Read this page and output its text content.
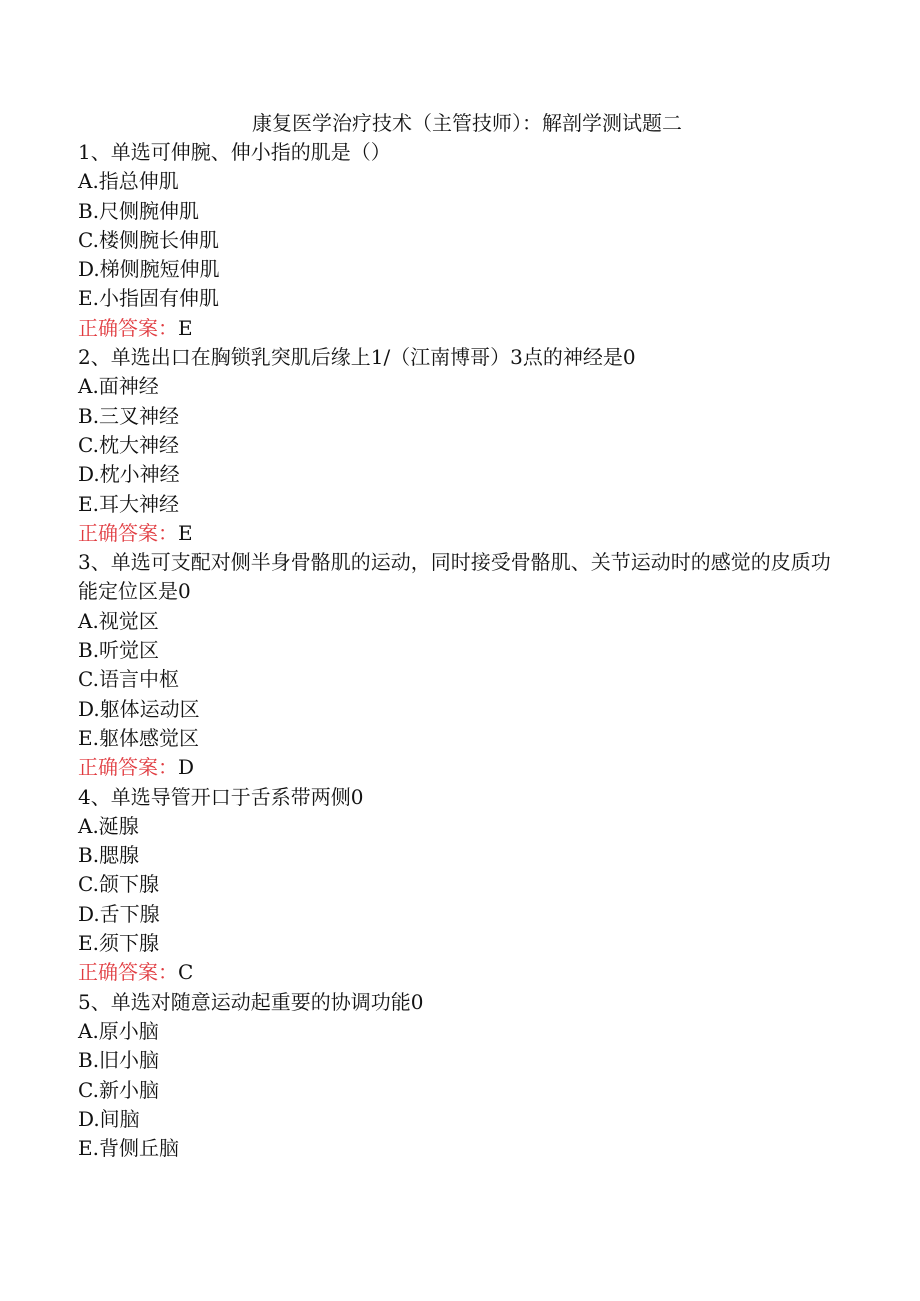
康复医学治疗技术（主管技师）：解剖学测试题二

1、单选可伸腕、伸小指的肌是（）

A.指总伸肌

B.尺侧腕伸肌

C.楼侧腕长伸肌

D.梯侧腕短伸肌

E.小指固有伸肌

正确答案：E

2、单选出口在胸锁乳突肌后缘上1/（江南博哥）3点的神经是0

A.面神经

B.三叉神经

C.枕大神经

D.枕小神经

E.耳大神经

正确答案：E

3、单选可支配对侧半身骨骼肌的运动，同时接受骨骼肌、关节运动时的感觉的皮质功能定位区是0

A.视觉区

B.听觉区

C.语言中枢

D.躯体运动区

E.躯体感觉区

正确答案：D

4、单选导管开口于舌系带两侧0

A.涎腺

B.腮腺

C.颌下腺

D.舌下腺

E.须下腺

正确答案：C

5、单选对随意运动起重要的协调功能0

A.原小脑

B.旧小脑

C.新小脑

D.间脑

E.背侧丘脑
